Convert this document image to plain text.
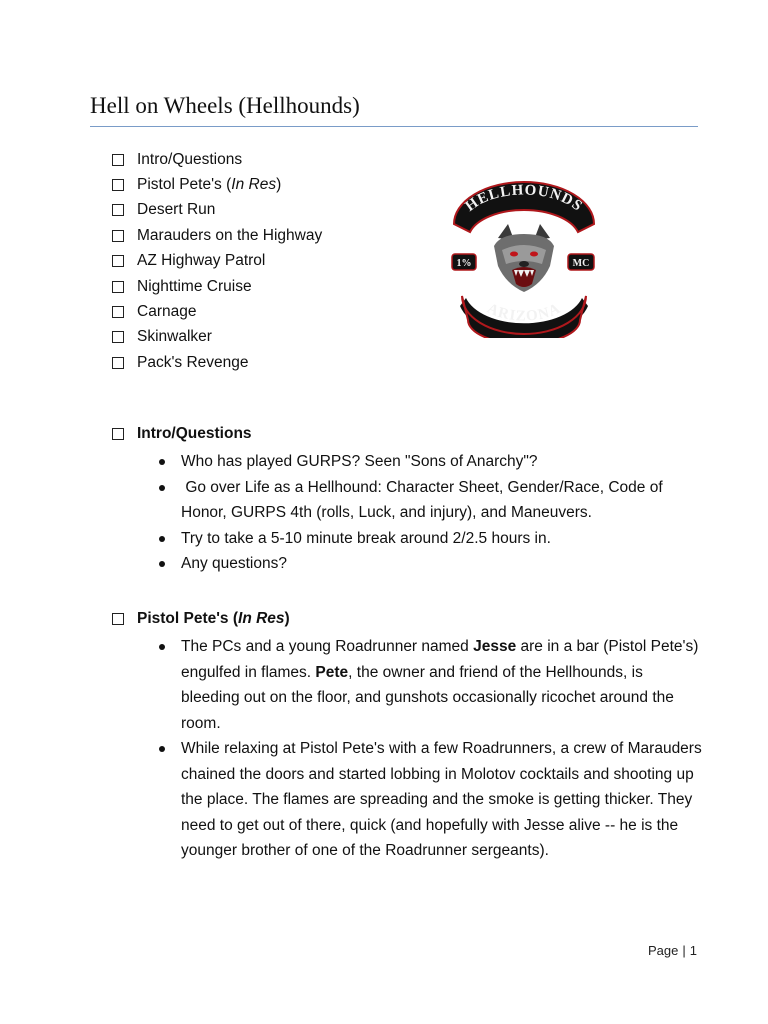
Hell on Wheels (Hellhounds)
Intro/Questions
Pistol Pete's ( In Res )
Desert Run
Marauders on the Highway
AZ Highway Patrol
Nighttime Cruise
Carnage
Skinwalker
Pack's Revenge
HELLHOUNDS
ARIZONA
1%	MC
Intro/Questions
Who has played GURPS? Seen "Sons of Anarchy"?
Go over Life as a Hellhound: Character Sheet, Gender/Race, Code of Honor, GURPS 4th (rolls, Luck, and injury), and Maneuvers.
Try to take a 5-10 minute break around 2/2.5 hours in.
Any questions?
Pistol Pete's ( In Res )
The PCs and a young Roadrunner named Jesse are in a bar (Pistol Pete's) engulfed in flames. Pete, the owner and friend of the Hellhounds, is bleeding out on the floor, and gunshots occasionally ricochet around the room.
While relaxing at Pistol Pete's with a few Roadrunners, a crew of Marauders chained the doors and started lobbing in Molotov cocktails and shooting up the place. The flames are spreading and the smoke is getting thicker. They need to get out of there, quick (and hopefully with Jesse alive -- he is the younger brother of one of the Roadrunner sergeants).
Page | 1
